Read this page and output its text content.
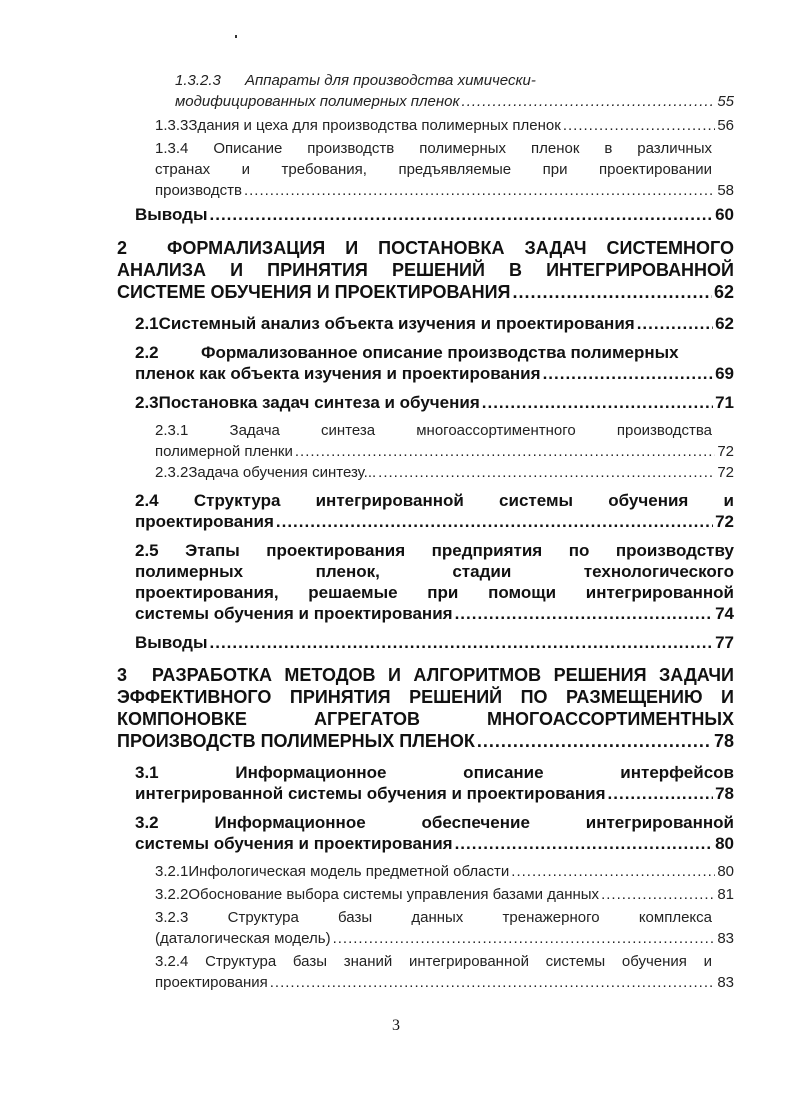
1.3.2.3	Аппараты для производства химически-
модифицированных полимерных пленок .....	55
1.3.3 Здания и цеха для производства полимерных пленок .....	56
1.3.4 Описание производств полимерных пленок в различных
странах и требования, предъявляемые при проектировании
производств .....	58
Выводы .....	60
2 ФОРМАЛИЗАЦИЯ И ПОСТАНОВКА ЗАДАЧ СИСТЕМНОГО
АНАЛИЗА И ПРИНЯТИЯ РЕШЕНИЙ В ИНТЕГРИРОВАННОЙ
СИСТЕМЕ ОБУЧЕНИЯ И ПРОЕКТИРОВАНИЯ .....	62
2.1 Системный анализ объекта изучения и проектирования .....	62
2.2	Формализованное описание производства полимерных
пленок как объекта изучения и проектирования .....	69
2.3 Постановка задач синтеза и обучения .....	71
2.3.1	Задача синтеза многоассортиментного производства
полимерной пленки .....	72
2.3.2 Задача обучения синтезу... .....	72
2.4 Структура интегрированной системы обучения и
проектирования .....	72
2.5 Этапы проектирования предприятия по производству
полимерных пленок, стадии технологического
проектирования, решаемые при помощи интегрированной
системы обучения и проектирования .....	74
Выводы .....	77
3 РАЗРАБОТКА МЕТОДОВ И АЛГОРИТМОВ РЕШЕНИЯ ЗАДАЧИ
ЭФФЕКТИВНОГО ПРИНЯТИЯ РЕШЕНИЙ ПО РАЗМЕЩЕНИЮ И
КОМПОНОВКЕ АГРЕГАТОВ МНОГОАССОРТИМЕНТНЫХ
ПРОИЗВОДСТВ ПОЛИМЕРНЫХ ПЛЕНОК .....	78
3.1	Информационное описание интерфейсов
интегрированной системы обучения и проектирования .....	78
3.2	Информационное обеспечение интегрированной
системы обучения и проектирования .....	80
3.2.1 Инфологическая модель предметной области .....	80
3.2.2 Обоснование выбора системы управления базами данных .....	81
3.2.3	Структура базы данных тренажерного комплекса
(даталогическая модель) .....	83
3.2.4 Структура базы знаний интегрированной системы обучения и
проектирования .....	83
3
